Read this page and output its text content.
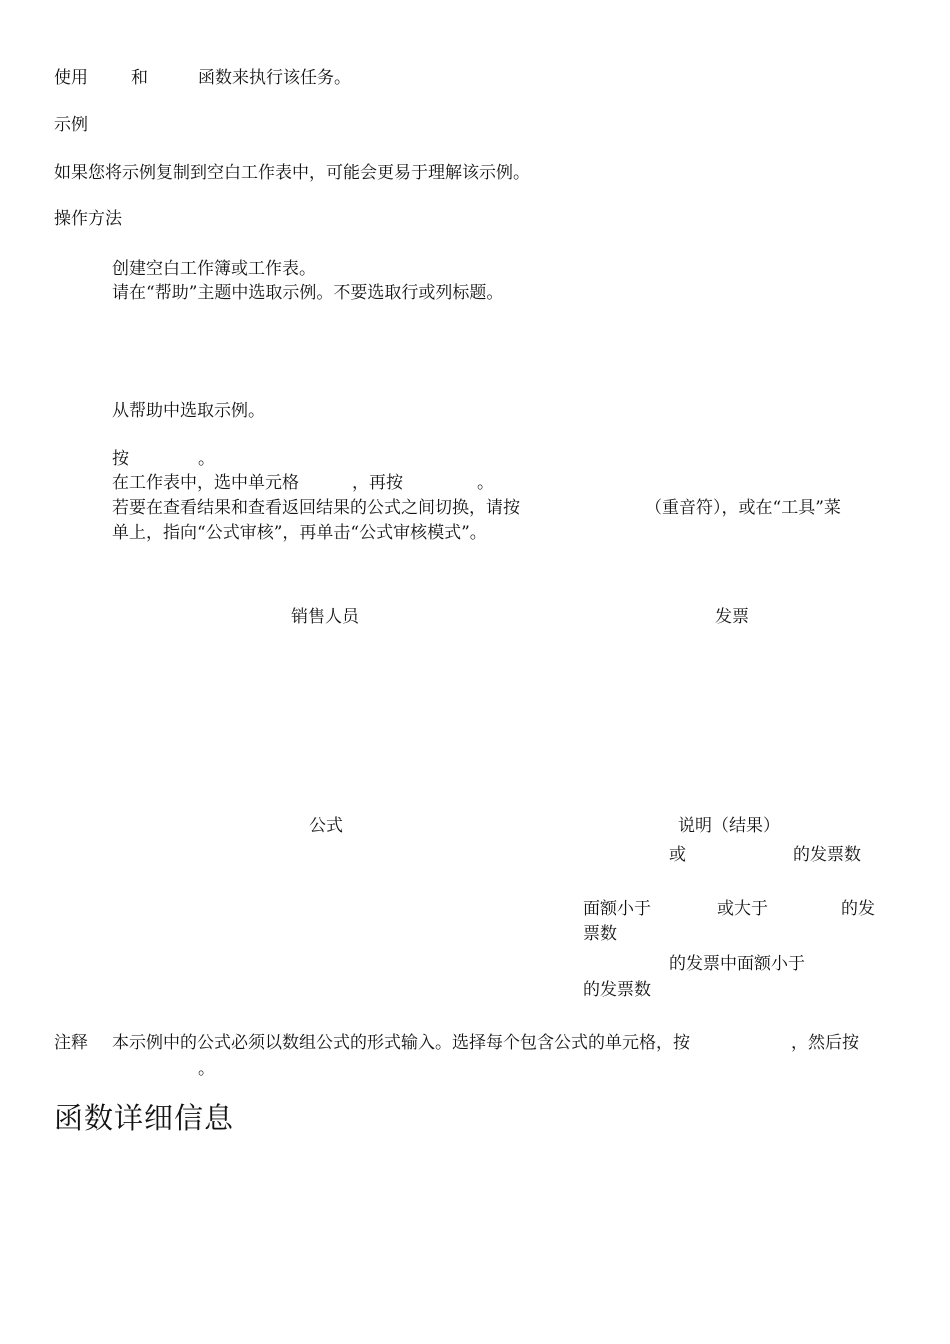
使用	和	函数来执行该任务。
示例
如果您将示例复制到空白工作表中，可能会更易于理解该示例。
操作方法
创建空白工作簿或工作表。
请在“帮助”主题中选取示例。不要选取行或列标题。
从帮助中选取示例。
按	。
在工作表中，选中单元格	，再按	。
若要在查看结果和查看返回结果的公式之间切换，请按	（重音符），或在“工具”菜
单上，指向“公式审核”，再单击“公式审核模式”。
销售人员	发票
公式	说明（结果）
或	的发票数
面额小于	或大于	的发
票数
的发票中面额小于
的发票数
注释 本示例中的公式必须以数组公式的形式输入。选择每个包含公式的单元格，按	，然后按
。
函数详细信息
